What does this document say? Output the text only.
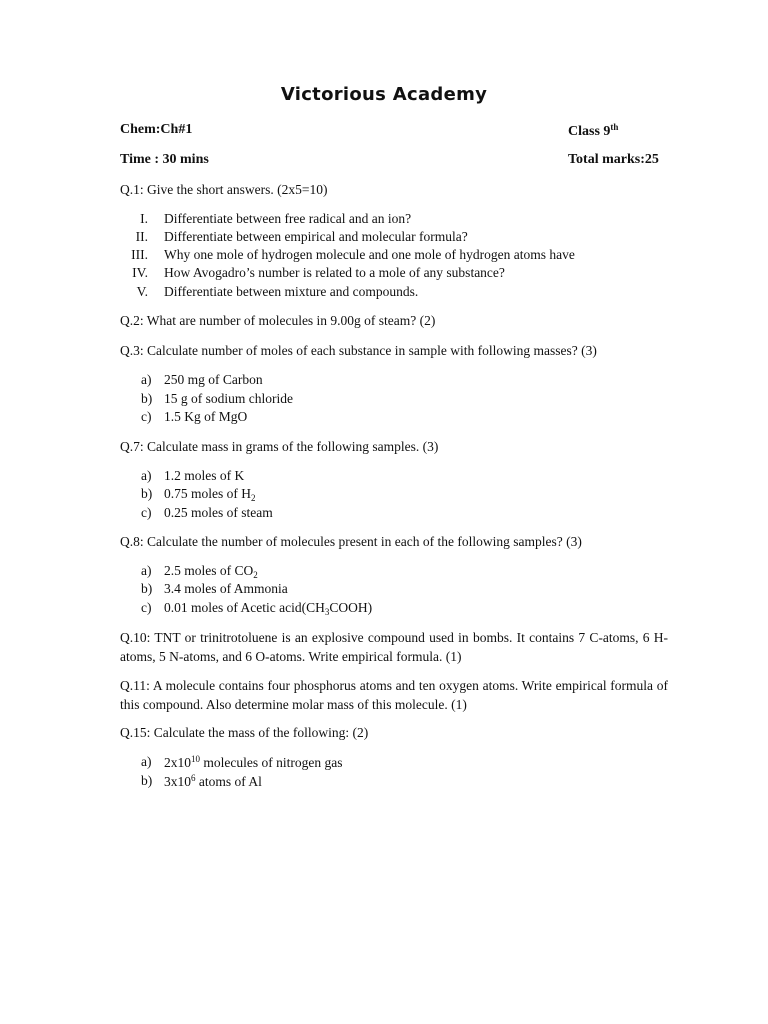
Victorious Academy
Chem:Ch#1	Class 9th
Time : 30 mins	Total marks:25
Q.1: Give the short answers. (2x5=10)
I. Differentiate between free radical and an ion?
II. Differentiate between empirical and molecular formula?
III. Why one mole of hydrogen molecule and one mole of hydrogen atoms have
IV. How Avogadro’s number is related to a mole of any substance?
V. Differentiate between mixture and compounds.
Q.2: What are number of molecules in 9.00g of steam? (2)
Q.3: Calculate number of moles of each substance in sample with following masses? (3)
a) 250 mg of Carbon
b) 15 g of sodium chloride
c) 1.5 Kg of MgO
Q.7: Calculate mass in grams of the following samples. (3)
a) 1.2 moles of K
b) 0.75 moles of $H_2$
c) 0.25 moles of steam
Q.8: Calculate the number of molecules present in each of the following samples? (3)
a) 2.5 moles of $CO_2$
b) 3.4 moles of Ammonia
c) 0.01 moles of Acetic $acid(CH_3COOH)$
Q.10: TNT or trinitrotoluene is an explosive compound used in bombs. It contains 7 C-atoms, 6 H-atoms, 5 N-atoms, and 6 O-atoms. Write empirical formula. (1)
Q.11: A molecule contains four phosphorus atoms and ten oxygen atoms. Write empirical formula of this compound. Also determine molar mass of this molecule. (1)
Q.15: Calculate the mass of the following: (2)
a) $2x10^{10}$ molecules of nitrogen gas
b) $3x10^6$ atoms of Al
